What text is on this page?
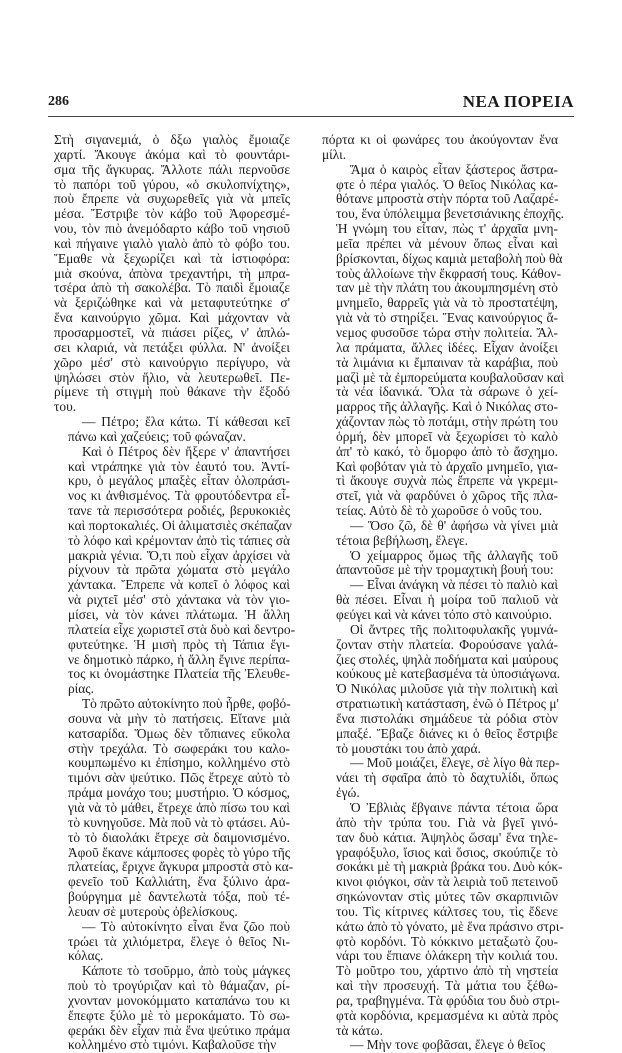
286	ΝΕΑ ΠΟΡΕΙΑ

Στὴ σιγανεμιά, ὁ δξω γιαλὸς ἔμοιαζε
χαρτί. Ἄκουγε ἀκόμα καὶ τὸ φουντάρι-
σμα τῆς ἄγκυρας. Ἄλλοτε πάλι περνοῦσε
τὸ παπόρι τοῦ γύρου, «ὁ σκυλοπνίχτης»,
ποὺ ἔπρεπε νὰ συχωρεθεῖς γιὰ νὰ μπεῖς
μέσα. Ἔστριβε τὸν κάβο τοῦ Ἀφορεσμέ-
νου, τὸν πιὸ ἀνεμόδαρτο κάβο τοῦ νησιοῦ
καὶ πήγαινε γιαλὸ γιαλὸ ἀπὸ τὸ φόβο του.
Ἔμαθε νὰ ξεχωρίζει καὶ τὰ ἱστιοφόρα:
μιὰ σκούνα, ἀπὸνα τρεχαντήρι, τὴ μπρα-
τσέρα ἀπὸ τὴ σακολέβα. Τὸ παιδὶ ἔμοιαζε
νὰ ξεριζώθηκε καὶ νὰ μεταφυτεύτηκε σ'
ἕνα καινούργιο χῶμα. Καὶ μάχονταν νὰ
προσαρμοστεῖ, νὰ πιάσει ρίζες, ν' ἁπλώ-
σει κλαριά, νὰ πετάξει φύλλα. Ν' ἀνοίξει
χῶρο μέσ' στὸ καινούργιο περίγυρο, νὰ
ψηλώσει στὸν ἥλιο, νὰ λευτερωθεῖ. Πε-
ρίμενε τὴ στιγμὴ ποὺ θάκανε τὴν ἔξοδό
του.

— Πέτρο; ἔλα κάτω. Τί κάθεσαι κεῖ
πάνω καὶ χαζεύεις; τοῦ φώναζαν.

Καὶ ὁ Πέτρος δὲν ἤξερε ν' ἀπαντήσει
καὶ ντράπηκε γιὰ τὸν ἑαυτό του. Ἀντί-
κρυ, ὁ μεγάλος μπαξὲς εἶταν ὁλοπράσι-
νος κι ἀνθισμένος. Τὰ φρουτόδεντρα εἶ-
τανε τὰ περισσότερα ροδιές, βερυκοκιὲς
καὶ πορτοκαλιές. Οἱ ἁλιματσιὲς σκέπαζαν
τὸ λόφο καὶ κρέμονταν ἀπὸ τὶς τάπιες σὰ
μακριὰ γένια. Ὅ,τι ποὺ εἶχαν ἀρχίσει νὰ
ρίχνουν τὰ πρῶτα χώματα στὸ μεγάλο
χάντακα. Ἔπρεπε νὰ κοπεῖ ὁ λόφος καὶ
νὰ ριχτεῖ μέσ' στὸ χάντακα νὰ τὸν γιο-
μίσει, νὰ τὸν κάνει πλάτωμα. Ἡ ἄλλη
πλατεία εἶχε χωριστεῖ στὰ δυὸ καὶ δεντρο-
φυτεύτηκε. Ἡ μισὴ πρὸς τὴ Τάπια ἔγι-
νε δημοτικὸ πάρκο, ἡ ἄλλη ἔγινε περίπα-
τος κι ὀνομάστηκε Πλατεία τῆς Ἐλευθε-
ρίας.

Τὸ πρῶτο αὐτοκίνητο ποὺ ἦρθε, φοβό-
σουνα νὰ μὴν τὸ πατήσεις. Εἴτανε μιὰ
κατσαρίδα. Ὅμως δὲν τὄπιανες εὔκολα
στὴν τρεχάλα. Τὸ σωφεράκι του καλο-
κουμπωμένο κι ἐπίσημο, κολλημένο στὸ
τιμόνι σὰν ψεύτικο. Πῶς ἔτρεχε αὐτὸ τὸ
πράμα μονάχο του; μυστήριο. Ὁ κόσμος,
γιὰ νὰ τὸ μάθει, ἔτρεχε ἀπὸ πίσω του καὶ
τὸ κυνηγοῦσε. Μὰ ποῦ νὰ τὸ φτάσει. Αὐ-
τὸ τὸ διαολάκι ἔτρεχε σὰ δαιμονισμένο.
Ἀφοῦ ἔκανε κάμποσες φορὲς τὸ γύρο τῆς
πλατείας, ἔριχνε ἄγκυρα μπροστὰ στὸ κα-
φενεῖο τοῦ Καλλιάτη, ἕνα ξύλινο ἀρα-
βούργημα μὲ δαντελωτὰ τόξα, ποὺ τέ-
λευαν σὲ μυτεροὺς ὀβελίσκους.

— Τὸ αὐτοκίνητο εἶναι ἕνα ζῶο ποὺ
τρώει τὰ χιλιόμετρα, ἔλεγε ὁ θεῖος Νι-
κόλας.

Κάποτε τὸ τσοῦρμο, ἀπὸ τοὺς μάγκες
ποὺ τὸ τρογύριζαν καὶ τὸ θάμαζαν, ρί-
χνονταν μονοκόμματο καταπάνω του κι
ἔπεφτε ξύλο μὲ τὸ μεροκάματο. Τὸ σω-
φεράκι δὲν εἶχαν πιὰ ἕνα ψεύτικο πράμα
κολλημένο στὸ τιμόνι. Καβαλοῦσε τὴν

πόρτα κι οἱ φωνάρες του ἀκούγονταν ἕνα
μίλι.

Ἅμα ὁ καιρὸς εἶταν ξάστερος ἄστρα-
φτε ὁ πέρα γιαλός. Ὁ θεῖος Νικόλας κα-
θότανε μπροστὰ στὴν πόρτα τοῦ Λαζαρέ-
του, ἕνα ὑπόλειμμα βενετσιάνικης ἐποχῆς.
Ἡ γνώμη του εἶταν, πὼς τ' ἀρχαῖα μνη-
μεῖα πρέπει νὰ μένουν ὅπως εἶναι καὶ
βρίσκονται, δίχως καμιὰ μεταβολὴ ποὺ θὰ
τοὺς ἀλλοίωνε τὴν ἔκφρασή τους. Κάθον-
ταν μὲ τὴν πλάτη του ἀκουμπησμένη στὸ
μνημεῖο, θαρρεῖς γιὰ νὰ τὸ προστατέψη,
γιὰ νὰ τὸ στηρίξει. Ἕνας καινούργιος ἄ-
νεμος φυσοῦσε τώρα στὴν πολιτεία. Ἄλ-
λα πράματα, ἄλλες ἰδέες. Εἶχαν ἀνοίξει
τὰ λιμάνια κι ἔμπαιναν τὰ καράβια, ποὺ
μαζὶ μὲ τὰ ἐμπορεύματα κουβαλοῦσαν καὶ
τὰ νέα ἰδανικά. Ὅλα τὰ σάρωνε ὁ χεί-
μαρρος τῆς ἀλλαγῆς. Καὶ ὁ Νικόλας στο-
χάζονταν πὼς τὸ ποτάμι, στὴν πρώτη του
ὁρμή, δὲν μπορεῖ νὰ ξεχωρίσει τὸ καλὸ
ἀπ' τὸ κακό, τὸ ὄμορφο ἀπὸ τὸ ἄσχημο.
Καὶ φοβόταν γιὰ τὸ ἀρχαῖο μνημεῖο, για-
τὶ ἄκουγε συχνὰ πὼς ἔπρεπε νὰ γκρεμι-
στεῖ, γιὰ νὰ φαρδύνει ὁ χῶρος τῆς πλα-
τείας. Αὐτὸ δὲ τὸ χωροῦσε ὁ νοῦς του.

— Ὅσο ζῶ, δὲ θ' ἀφήσω νὰ γίνει μιὰ
τέτοια βεβήλωση, ἔλεγε.

Ὁ χείμαρρος ὅμως τῆς ἀλλαγῆς τοῦ
ἀπαντοῦσε μὲ τὴν τρομαχτικὴ βουή του:

— Εἶναι ἀνάγκη νὰ πέσει τὸ παλιὸ καὶ
θὰ πέσει. Εἶναι ἡ μοίρα τοῦ παλιοῦ νὰ
φεύγει καὶ νὰ κάνει τόπο στὸ καινούριο.

Οἱ ἄντρες τῆς πολιτοφυλακῆς γυμνά-
ζονταν στὴν πλατεία. Φορούσανε γαλά-
ζιες στολές, ψηλὰ ποδήματα καὶ μαύρους
κούκους μὲ κατεβασμένα τὰ ὑποσιάγωνα.
Ὁ Νικόλας μιλοῦσε γιὰ τὴν πολιτικὴ καὶ
στρατιωτικὴ κατάσταση, ἐνῶ ὁ Πέτρος μ'
ἕνα πιστολάκι σημάδευε τὰ ρόδια στὸν
μπαξέ. Ἔβαζε διάνες κι ὁ θεῖος ἔστριβε
τὸ μουστάκι του ἀπὸ χαρά.

— Μοῦ μοιάζει, ἔλεγε, σὲ λίγο θὰ περ-
νάει τὴ σφαῖρα ἀπὸ τὸ δαχτυλίδι, ὅπως
ἐγώ.

Ὁ Ἐβλιὰς ἔβγαινε πάντα τέτοια ὥρα
ἀπὸ τὴν τρύπα του. Γιὰ νὰ βγεῖ γινό-
ταν δυὸ κάτια. Ἀψηλὸς ὥσαμ' ἕνα τηλε-
γραφόξυλο, ἴσιος καὶ ὅσιος, σκούπιζε τὸ
σοκάκι μὲ τὴ μακριὰ βράκα του. Δυὸ κόκ-
κινοι φιόγκοι, σὰν τὰ λειριὰ τοῦ πετεινοῦ
σηκώνονταν στὶς μύτες τῶν σκαρπινιῶν
του. Τὶς κίτρινες κάλτσες του, τὶς ἔδενε
κάτω ἀπὸ τὸ γόνατο, μὲ ἕνα πράσινο στρι-
φτὸ κορδόνι. Τὸ κόκκινο μεταξωτὸ ζου-
νάρι του ἔπιανε ὁλάκερη τὴν κοιλιά του.
Τὸ μοῦτρο του, χάρτινο ἀπὸ τὴ νηστεία
καὶ τὴν προσευχή. Τὰ μάτια του ξέθω-
ρα, τραβηγμένα. Τὰ φρύδια του δυὸ στρι-
φτὰ κορδόνια, κρεμασμένα κι αὐτὰ πρὸς
τὰ κάτω.

— Μὴν τονε φοβᾶσαι, ἔλεγε ὁ θεῖος
